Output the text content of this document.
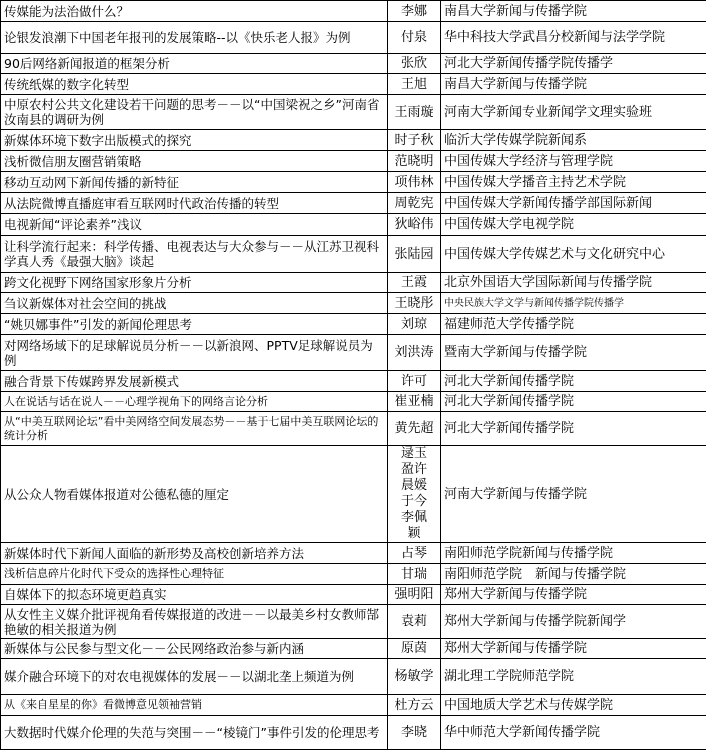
传媒能为法治做什么？	李娜	南昌大学新闻与传播学院
论银发浪潮下中国老年报刊的发展策略--以《快乐老人报》为例	付泉	华中科技大学武昌分校新闻与法学学院
90后网络新闻报道的框架分析	张欣	河北大学新闻传播学院传播学
传统纸媒的数字化转型	王旭	南昌大学新闻与传播学院
中原农村公共文化建设若干问题的思考－－以“中国梁祝之乡”河南省汝南县的调研为例	王雨璇	河南大学新闻专业新闻学文理实验班
新媒体环境下数字出版模式的探究	时子秋	临沂大学传媒学院新闻系
浅析微信朋友圈营销策略	范晓明	中国传媒大学经济与管理学院
移动互动网下新闻传播的新特征	项伟林	中国传媒大学播音主持艺术学院
从法院微博直播庭审看互联网时代政治传播的转型	周乾宪	中国传媒大学新闻传播学部国际新闻
电视新闻“评论素养”浅议	狄峪伟	中国传媒大学电视学院
让科学流行起来：科学传播、电视表达与大众参与－－从江苏卫视科学真人秀《最强大脑》谈起	张陆园	中国传媒大学传媒艺术与文化研究中心
跨文化视野下网络国家形象片分析	王霞	北京外国语大学国际新闻与传播学院
刍议新媒体对社会空间的挑战	王晓彤	中央民族大学文学与新闻传播学院传播学
“姚贝娜事件”引发的新闻伦理思考	刘琼	福建师范大学传播学院
对网络场域下的足球解说员分析－－以新浪网、PPTV足球解说员为例	刘洪涛	暨南大学新闻与传播学院
融合背景下传媒跨界发展新模式	许可	河北大学新闻传播学院
人在说话与话在说人－－心理学视角下的网络言论分析	崔亚楠	河北大学新闻传播学院
从“中美互联网论坛”看中美网络空间发展态势－－基于七届中美互联网论坛的统计分析	黄先超	河北大学新闻传播学院
从公众人物看媒体报道对公德私德的厘定	逯玉盈许晨媛于今李佩颖	河南大学新闻与传播学院
新媒体时代下新闻人面临的新形势及高校创新培养方法	占琴	南阳师范学院新闻与传播学院
浅析信息碎片化时代下受众的选择性心理特征	甘瑞	南阳师范学院　新闻与传播学院
自媒体下的拟态环境更趋真实	强明阳	郑州大学新闻与传播学院
从女性主义媒介批评视角看传媒报道的改进－－以最美乡村女教师郜艳敏的相关报道为例	袁莉	郑州大学新闻与传播学院新闻学
新媒体与公民参与型文化－－公民网络政治参与新内涵	原茵	郑州大学新闻与传播学院
媒介融合环境下的对农电视媒体的发展－－以湖北垄上频道为例	杨敏学	湖北理工学院师范学院
从《来自星星的你》看微博意见领袖营销	杜方云	中国地质大学艺术与传媒学院
大数据时代媒介伦理的失范与突围－－“棱镜门”事件引发的伦理思考	李晓	华中师范大学新闻传播学院
